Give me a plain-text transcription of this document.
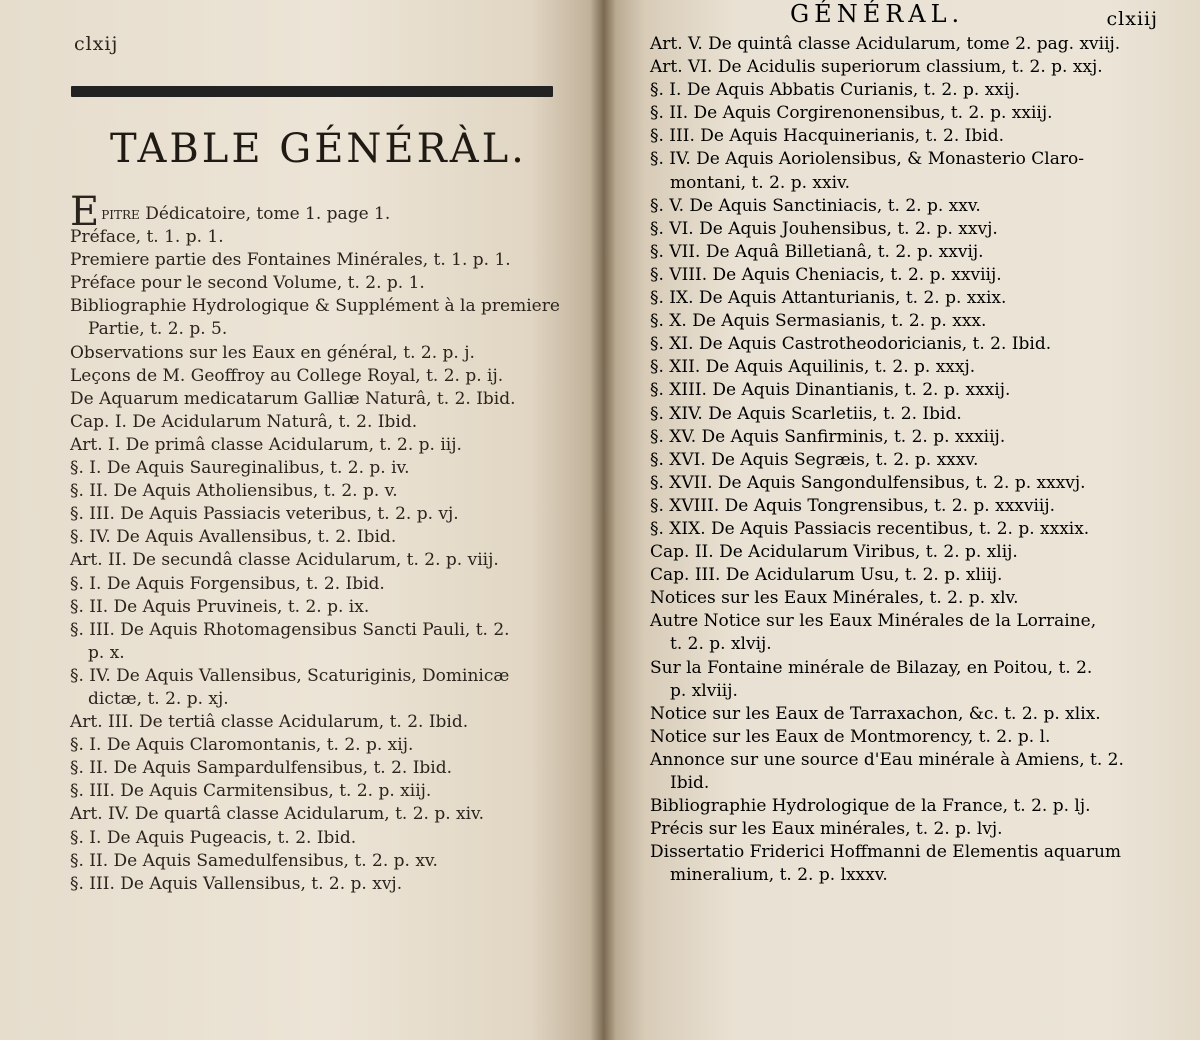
clxij
TABLE GÉNÉRÀL.
Epitre Dédicatoire, tome 1. page 1.
Préface, t. 1. p. 1.
Premiere partie des Fontaines Minérales, t. 1. p. 1.
Préface pour le second Volume, t. 2. p. 1.
Bibliographie Hydrologique & Supplément à la premiere
Partie, t. 2. p. 5.
Observations sur les Eaux en général, t. 2. p. j.
Leçons de M. Geoffroy au College Royal, t. 2. p. ij.
De Aquarum medicatarum Galliæ Naturâ, t. 2. Ibid.
Cap. I. De Acidularum Naturâ, t. 2. Ibid.
Art. I. De primâ classe Acidularum, t. 2. p. iij.
§. I. De Aquis Saureginalibus, t. 2. p. iv.
§. II. De Aquis Atholiensibus, t. 2. p. v.
§. III. De Aquis Passiacis veteribus, t. 2. p. vj.
§. IV. De Aquis Avallensibus, t. 2. Ibid.
Art. II. De secundâ classe Acidularum, t. 2. p. viij.
§. I. De Aquis Forgensibus, t. 2. Ibid.
§. II. De Aquis Pruvineis, t. 2. p. ix.
§. III. De Aquis Rhotomagensibus Sancti Pauli, t. 2.
p. x.
§. IV. De Aquis Vallensibus, Scaturiginis, Dominicæ
dictæ, t. 2. p. xj.
Art. III. De tertiâ classe Acidularum, t. 2. Ibid.
§. I. De Aquis Claromontanis, t. 2. p. xij.
§. II. De Aquis Sampardulfensibus, t. 2. Ibid.
§. III. De Aquis Carmitensibus, t. 2. p. xiij.
Art. IV. De quartâ classe Acidularum, t. 2. p. xiv.
§. I. De Aquis Pugeacis, t. 2. Ibid.
§. II. De Aquis Samedulfensibus, t. 2. p. xv.
§. III. De Aquis Vallensibus, t. 2. p. xvj.
GÉNÉRAL.	clxiij
Art. V. De quintâ classe Acidularum, tome 2. pag. xviij.
Art. VI. De Acidulis superiorum classium, t. 2. p. xxj.
§. I. De Aquis Abbatis Curianis, t. 2. p. xxij.
§. II. De Aquis Corgirenonensibus, t. 2. p. xxiij.
§. III. De Aquis Hacquinerianis, t. 2. Ibid.
§. IV. De Aquis Aoriolensibus, & Monasterio Claro-
montani, t. 2. p. xxiv.
§. V. De Aquis Sanctiniacis, t. 2. p. xxv.
§. VI. De Aquis Jouhensibus, t. 2. p. xxvj.
§. VII. De Aquâ Billetianâ, t. 2. p. xxvij.
§. VIII. De Aquis Cheniacis, t. 2. p. xxviij.
§. IX. De Aquis Attanturianis, t. 2. p. xxix.
§. X. De Aquis Sermasianis, t. 2. p. xxx.
§. XI. De Aquis Castrotheodoricianis, t. 2. Ibid.
§. XII. De Aquis Aquilinis, t. 2. p. xxxj.
§. XIII. De Aquis Dinantianis, t. 2. p. xxxij.
§. XIV. De Aquis Scarletiis, t. 2. Ibid.
§. XV. De Aquis Sanfirminis, t. 2. p. xxxiij.
§. XVI. De Aquis Segræis, t. 2. p. xxxv.
§. XVII. De Aquis Sangondulfensibus, t. 2. p. xxxvj.
§. XVIII. De Aquis Tongrensibus, t. 2. p. xxxviij.
§. XIX. De Aquis Passiacis recentibus, t. 2. p. xxxix.
Cap. II. De Acidularum Viribus, t. 2. p. xlij.
Cap. III. De Acidularum Usu, t. 2. p. xliij.
Notices sur les Eaux Minérales, t. 2. p. xlv.
Autre Notice sur les Eaux Minérales de la Lorraine,
t. 2. p. xlvij.
Sur la Fontaine minérale de Bilazay, en Poitou, t. 2.
p. xlviij.
Notice sur les Eaux de Tarraxachon, &c. t. 2. p. xlix.
Notice sur les Eaux de Montmorency, t. 2. p. l.
Annonce sur une source d'Eau minérale à Amiens, t. 2.
Ibid.
Bibliographie Hydrologique de la France, t. 2. p. lj.
Précis sur les Eaux minérales, t. 2. p. lvj.
Dissertatio Friderici Hoffmanni de Elementis aquarum
mineralium, t. 2. p. lxxxv.
